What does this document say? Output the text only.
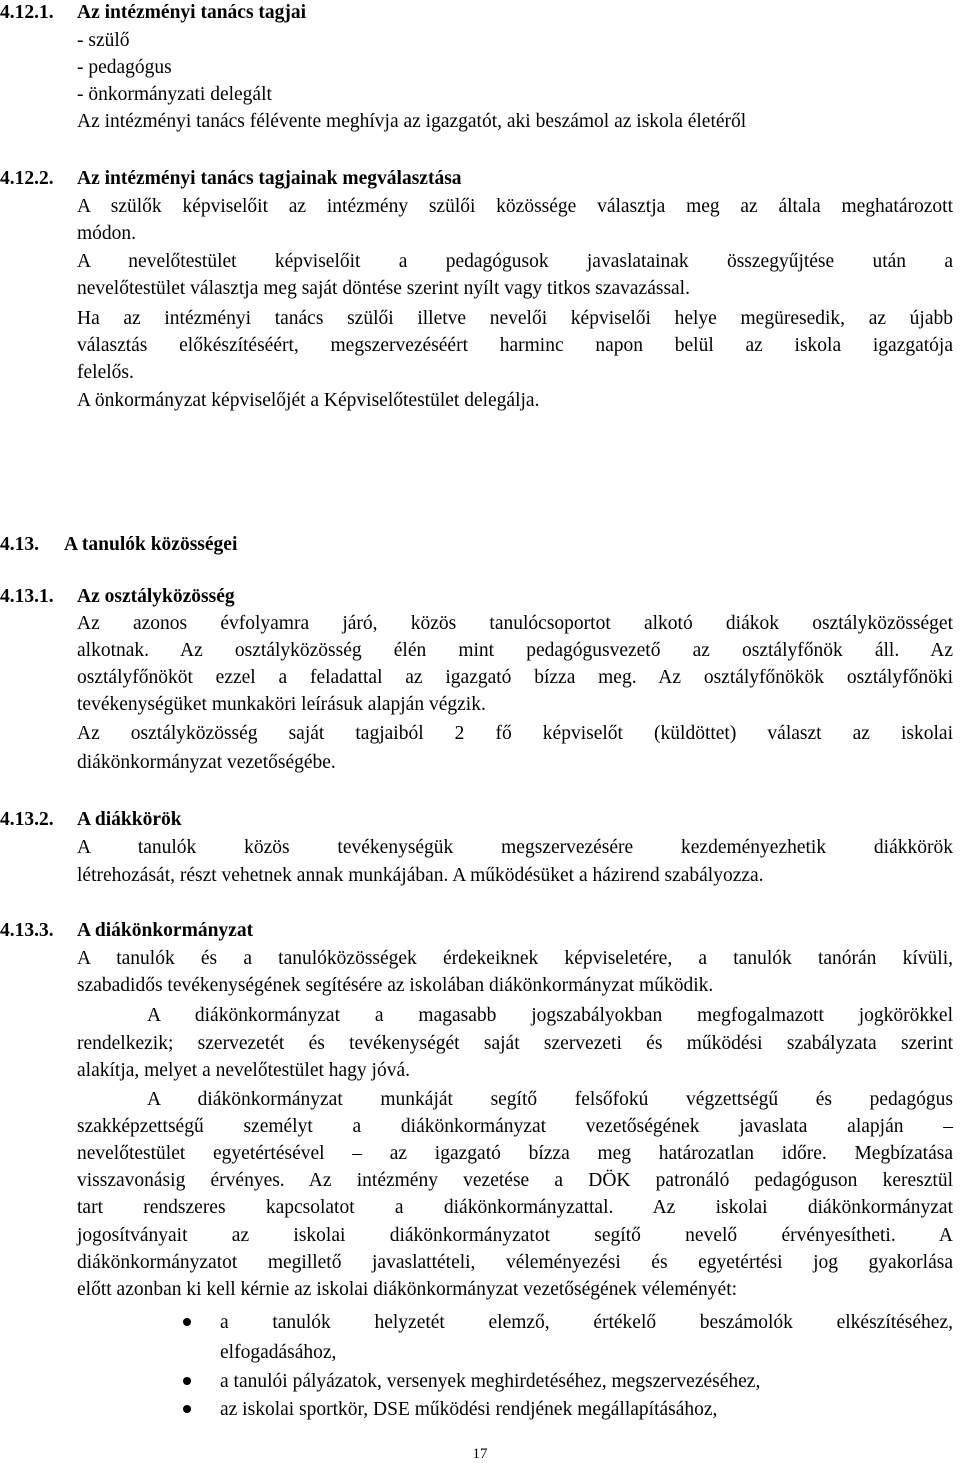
4.12.1. Az intézményi tanács tagjai
- szülő
- pedagógus
- önkormányzati delegált
Az intézményi tanács félévente meghívja az igazgatót, aki beszámol az iskola életéről
4.12.2. Az intézményi tanács tagjainak megválasztása
A szülők képviselőit az intézmény szülői közössége választja meg az általa meghatározott
módon.
A nevelőtestület képviselőit a pedagógusok javaslatainak összegyűjtése után a
nevelőtestület választja meg saját döntése szerint nyílt vagy titkos szavazással.
Ha az intézményi tanács szülői illetve nevelői képviselői helye megüresedik, az újabb
választás előkészítéséért, megszervezéséért harminc napon belül az iskola igazgatója
felelős.
A önkormányzat képviselőjét a Képviselőtestület delegálja.
4.13. A tanulók közösségei
4.13.1. Az osztályközösség
Az azonos évfolyamra járó, közös tanulócsoportot alkotó diákok osztályközösséget
alkotnak. Az osztályközösség élén mint pedagógusvezető az osztályfőnök áll. Az
osztályfőnököt ezzel a feladattal az igazgató bízza meg. Az osztályfőnökök osztályfőnöki
tevékenységüket munkaköri leírásuk alapján végzik.
Az osztályközösség saját tagjaiból 2 fő képviselőt (küldöttet) választ az iskolai
diákönkormányzat vezetőségébe.
4.13.2. A diákkörök
A tanulók közös tevékenységük megszervezésére kezdeményezhetik diákkörök
létrehozását, részt vehetnek annak munkájában. A működésüket a házirend szabályozza.
4.13.3. A diákönkormányzat
A tanulók és a tanulóközösségek érdekeiknek képviseletére, a tanulók tanórán kívüli,
szabadidős tevékenységének segítésére az iskolában diákönkormányzat működik.
A diákönkormányzat a magasabb jogszabályokban megfogalmazott jogkörökkel
rendelkezik; szervezetét és tevékenységét saját szervezeti és működési szabályzata szerint
alakítja, melyet a nevelőtestület hagy jóvá.
A diákönkormányzat munkáját segítő felsőfokú végzettségű és pedagógus
szakképzettségű személyt a diákönkormányzat vezetőségének javaslata alapján –
nevelőtestület egyetértésével – az igazgató bízza meg határozatlan időre. Megbízatása
visszavonásig érvényes. Az intézmény vezetése a DÖK patronáló pedagóguson keresztül
tart rendszeres kapcsolatot a diákönkormányzattal. Az iskolai diákönkormányzat
jogosítványait az iskolai diákönkormányzatot segítő nevelő érvényesítheti. A
diákönkormányzatot megillető javaslattételi, véleményezési és egyetértési jog gyakorlása
előtt azonban ki kell kérnie az iskolai diákönkormányzat vezetőségének véleményét:
a tanulók helyzetét elemző, értékelő beszámolók elkészítéséhez,
elfogadásához,
a tanulói pályázatok, versenyek meghirdetéséhez, megszervezéséhez,
az iskolai sportkör, DSE működési rendjének megállapításához,
17
